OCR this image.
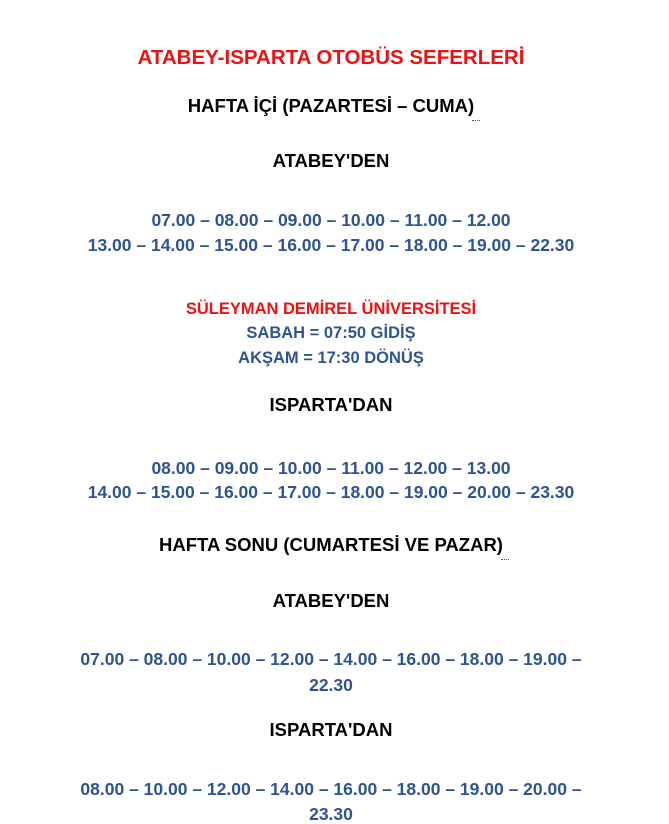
ATABEY-ISPARTA OTOBÜS SEFERLERİ
HAFTA İÇİ (PAZARTESİ – CUMA)
ATABEY'DEN
07.00 – 08.00 – 09.00 – 10.00 – 11.00 – 12.00
13.00 – 14.00 – 15.00 – 16.00 – 17.00 – 18.00 – 19.00 – 22.30
SÜLEYMAN DEMİREL ÜNİVERSİTESİ
SABAH = 07:50 GİDİŞ
AKŞAM = 17:30 DÖNÜŞ
ISPARTA'DAN
08.00 – 09.00 – 10.00 – 11.00 – 12.00 – 13.00
14.00 – 15.00 – 16.00 – 17.00 – 18.00 – 19.00 – 20.00 – 23.30
HAFTA SONU (CUMARTESİ VE PAZAR)
ATABEY'DEN
07.00 – 08.00 – 10.00 – 12.00 – 14.00 – 16.00 – 18.00 – 19.00 –
22.30
ISPARTA'DAN
08.00 – 10.00 – 12.00 – 14.00 – 16.00 – 18.00 – 19.00 – 20.00 –
23.30
